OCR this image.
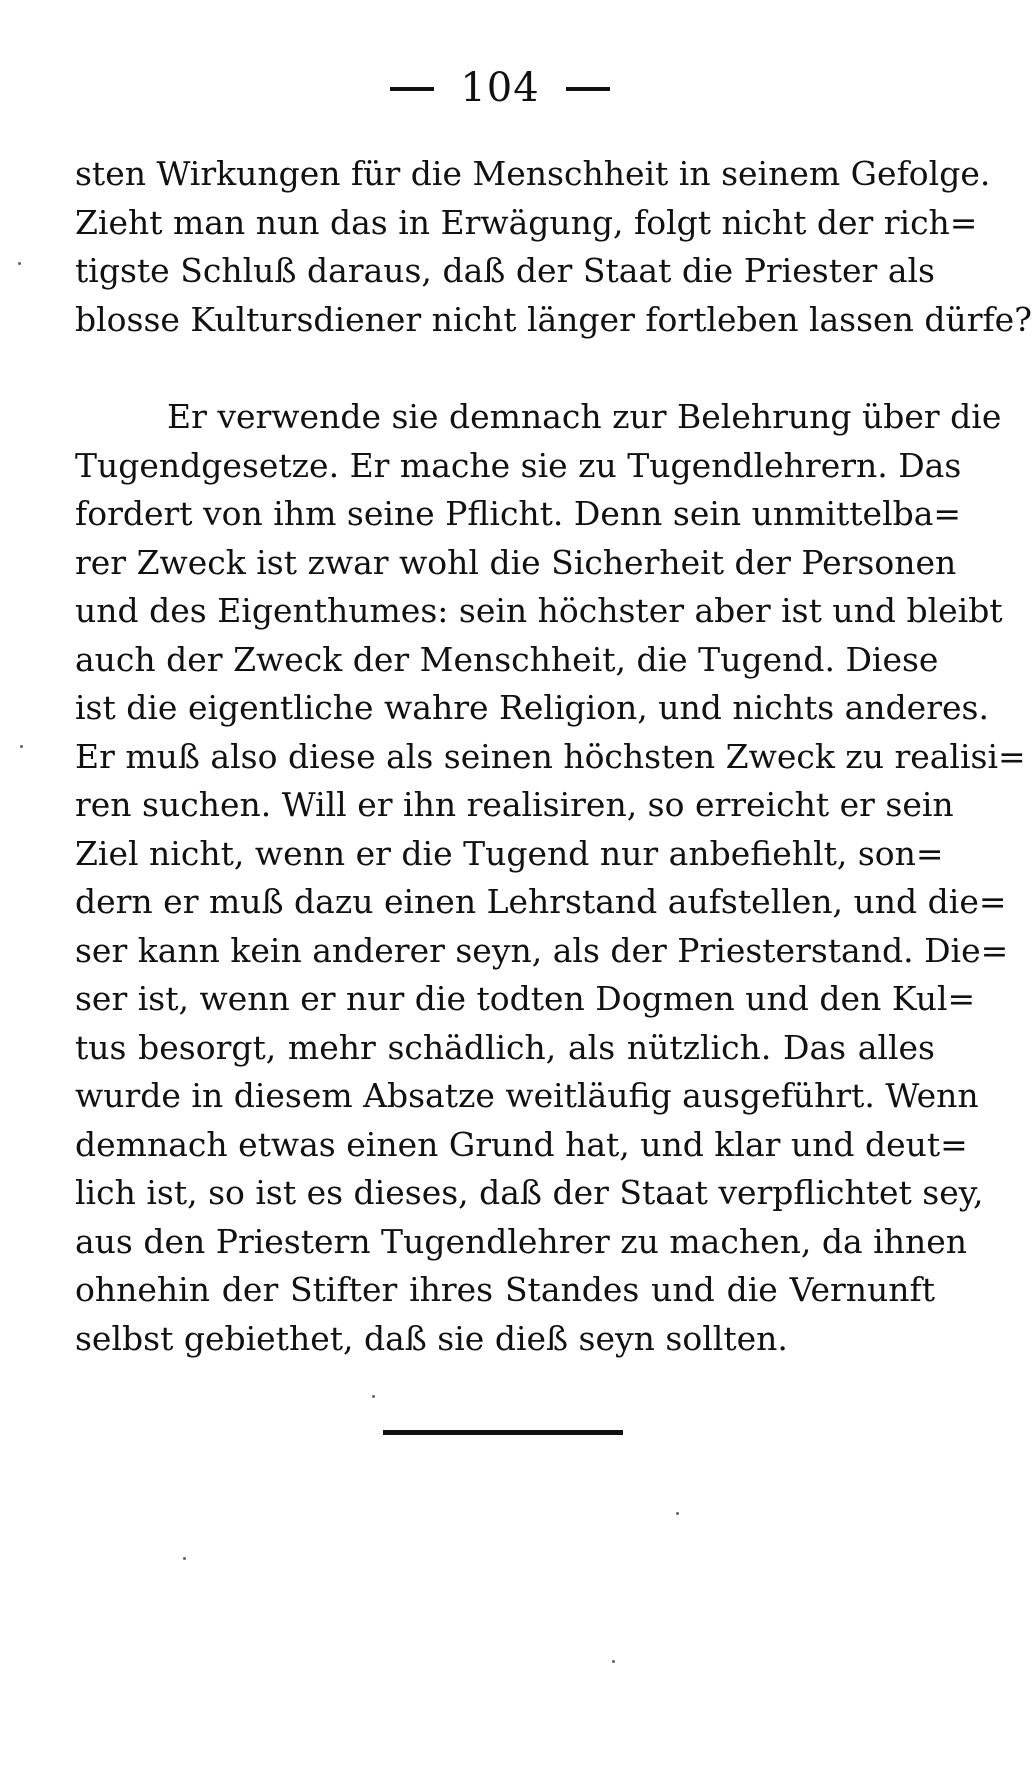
104
sten Wirkungen für die Menschheit in seinem Gefolge.
Zieht man nun das in Erwägung, folgt nicht der rich=
tigste Schluß daraus, daß der Staat die Priester als
blosse Kultursdiener nicht länger fortleben lassen dürfe?
Er verwende sie demnach zur Belehrung über die
Tugendgesetze. Er mache sie zu Tugendlehrern. Das
fordert von ihm seine Pflicht. Denn sein unmittelba=
rer Zweck ist zwar wohl die Sicherheit der Personen
und des Eigenthumes: sein höchster aber ist und bleibt
auch der Zweck der Menschheit, die Tugend. Diese
ist die eigentliche wahre Religion, und nichts anderes.
Er muß also diese als seinen höchsten Zweck zu realisi=
ren suchen. Will er ihn realisiren, so erreicht er sein
Ziel nicht, wenn er die Tugend nur anbefiehlt, son=
dern er muß dazu einen Lehrstand aufstellen, und die=
ser kann kein anderer seyn, als der Priesterstand. Die=
ser ist, wenn er nur die todten Dogmen und den Kul=
tus besorgt, mehr schädlich, als nützlich. Das alles
wurde in diesem Absatze weitläufig ausgeführt. Wenn
demnach etwas einen Grund hat, und klar und deut=
lich ist, so ist es dieses, daß der Staat verpflichtet sey,
aus den Priestern Tugendlehrer zu machen, da ihnen
ohnehin der Stifter ihres Standes und die Vernunft
selbst gebiethet, daß sie dieß seyn sollten.
